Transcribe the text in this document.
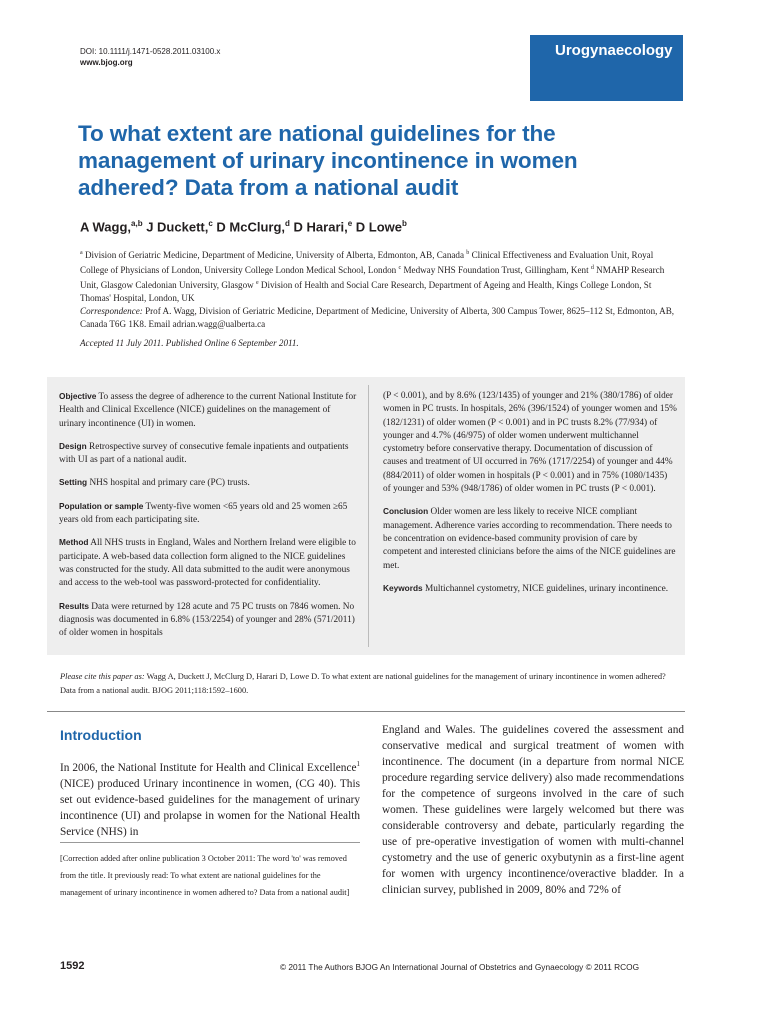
DOI: 10.1111/j.1471-0528.2011.03100.x
www.bjog.org
Urogynaecology
To what extent are national guidelines for the management of urinary incontinence in women adhered? Data from a national audit
A Wagg,$^{a,b}$ J Duckett,$^c$ D McClurg,$^d$ D Harari,$^e$ D Lowe$^b$
$^a$ Division of Geriatric Medicine, Department of Medicine, University of Alberta, Edmonton, AB, Canada $^b$ Clinical Effectiveness and Evaluation Unit, Royal College of Physicians of London, University College London Medical School, London $^c$ Medway NHS Foundation Trust, Gillingham, Kent $^d$ NMAHP Research Unit, Glasgow Caledonian University, Glasgow $^e$ Division of Health and Social Care Research, Department of Ageing and Health, Kings College London, St Thomas' Hospital, London, UK
Correspondence: Prof A. Wagg, Division of Geriatric Medicine, Department of Medicine, University of Alberta, 300 Campus Tower, 8625–112 St, Edmonton, AB, Canada T6G 1K8. Email adrian.wagg@ualberta.ca
Accepted 11 July 2011. Published Online 6 September 2011.

Objective To assess the degree of adherence to the current National Institute for Health and Clinical Excellence (NICE) guidelines on the management of urinary incontinence (UI) in women.

Design Retrospective survey of consecutive female inpatients and outpatients with UI as part of a national audit.

Setting NHS hospital and primary care (PC) trusts.

Population or sample Twenty-five women <65 years old and 25 women ≥65 years old from each participating site.

Method All NHS trusts in England, Wales and Northern Ireland were eligible to participate. A web-based data collection form aligned to the NICE guidelines was constructed for the study. All data submitted to the audit were anonymous and access to the web-tool was password-protected for confidentiality.

Results Data were returned by 128 acute and 75 PC trusts on 7846 women. No diagnosis was documented in 6.8% (153/2254) of younger and 28% (571/2011) of older women in hospitals

(P < 0.001), and by 8.6% (123/1435) of younger and 21% (380/1786) of older women in PC trusts. In hospitals, 26% (396/1524) of younger women and 15% (182/1231) of older women (P < 0.001) and in PC trusts 8.2% (77/934) of younger and 4.7% (46/975) of older women underwent multichannel cystometry before conservative therapy. Documentation of discussion of causes and treatment of UI occurred in 76% (1717/2254) of younger and 44% (884/2011) of older women in hospitals (P < 0.001) and in 75% (1080/1435) of younger and 53% (948/1786) of older women in PC trusts (P < 0.001).

Conclusion Older women are less likely to receive NICE compliant management. Adherence varies according to recommendation. There needs to be concentration on evidence-based community provision of care by competent and interested clinicians before the aims of the NICE guidelines are met.

Keywords Multichannel cystometry, NICE guidelines, urinary incontinence.

Please cite this paper as: Wagg A, Duckett J, McClurg D, Harari D, Lowe D. To what extent are national guidelines for the management of urinary incontinence in women adhered? Data from a national audit. BJOG 2011;118:1592–1600.
Introduction
In 2006, the National Institute for Health and Clinical Excellence$^1$ (NICE) produced Urinary incontinence in women, (CG 40). This set out evidence-based guidelines for the management of urinary incontinence (UI) and prolapse in women for the National Health Service (NHS) in
[Correction added after online publication 3 October 2011: The word 'to' was removed from the title. It previously read: To what extent are national guidelines for the management of urinary incontinence in women adhered to? Data from a national audit]
England and Wales. The guidelines covered the assessment and conservative medical and surgical treatment of women with incontinence. The document (in a departure from normal NICE procedure regarding service delivery) also made recommendations for the competence of surgeons involved in the care of such women. These guidelines were largely welcomed but there was considerable controversy and debate, particularly regarding the use of pre-operative investigation of women with multi-channel cystometry and the use of generic oxybutynin as a first-line agent for women with urgency incontinence/overactive bladder. In a clinician survey, published in 2009, 80% and 72% of
1592	© 2011 The Authors BJOG An International Journal of Obstetrics and Gynaecology © 2011 RCOG
